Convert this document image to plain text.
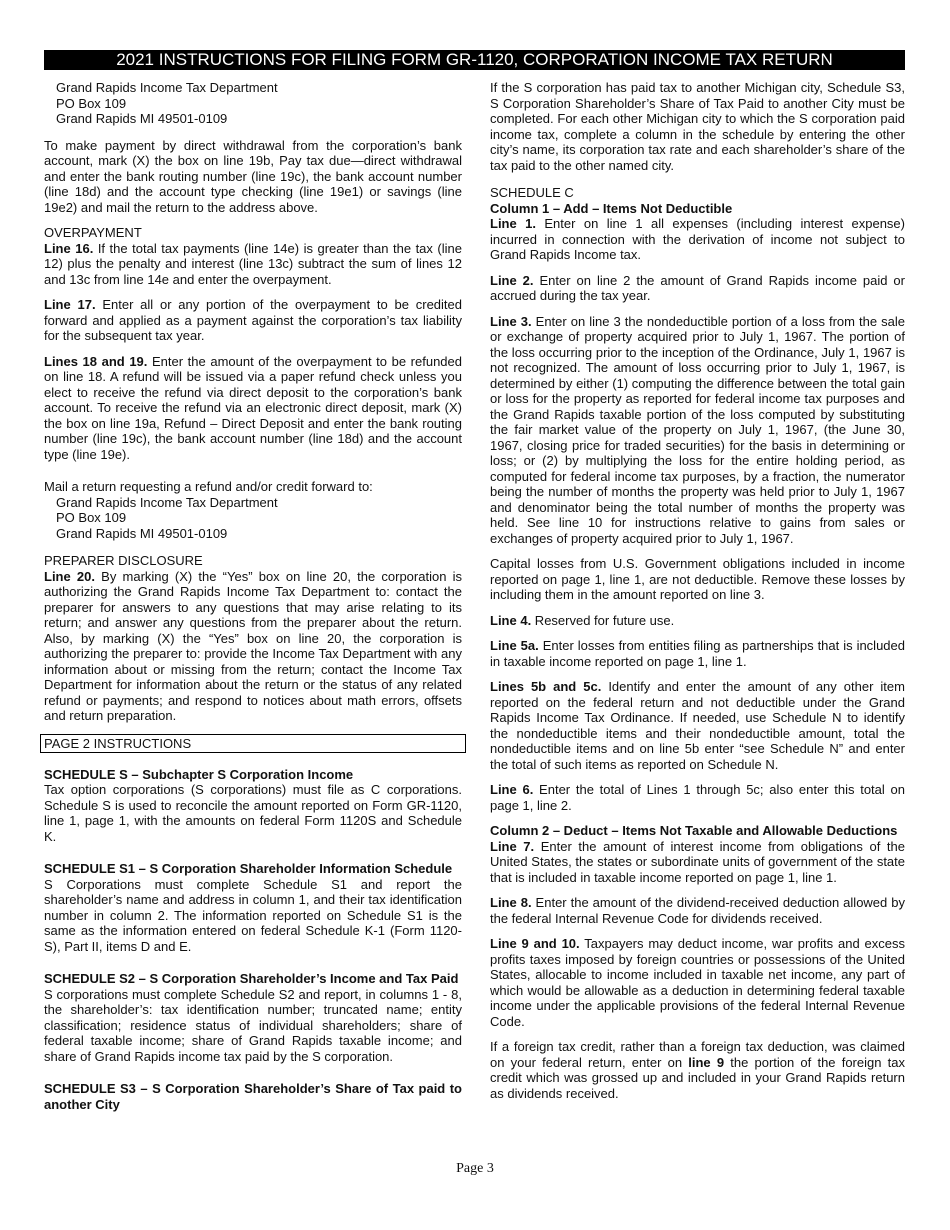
2021 INSTRUCTIONS FOR FILING FORM GR-1120, CORPORATION INCOME TAX RETURN
Grand Rapids Income Tax Department
PO Box 109
Grand Rapids MI 49501-0109

To make payment by direct withdrawal from the corporation’s bank account, mark (X) the box on line 19b, Pay tax due—direct withdrawal and enter the bank routing number (line 19c), the bank account number (line 18d) and the account type checking (line 19e1) or savings (line 19e2) and mail the return to the address above.

OVERPAYMENT

Line 16. If the total tax payments (line 14e) is greater than the tax (line 12) plus the penalty and interest (line 13c) subtract the sum of lines 12 and 13c from line 14e and enter the overpayment.

Line 17. Enter all or any portion of the overpayment to be credited forward and applied as a payment against the corporation’s tax liability for the subsequent tax year.

Lines 18 and 19. Enter the amount of the overpayment to be refunded on line 18. A refund will be issued via a paper refund check unless you elect to receive the refund via direct deposit to the corporation’s bank account. To receive the refund via an electronic direct deposit, mark (X) the box on line 19a, Refund – Direct Deposit and enter the bank routing number (line 19c), the bank account number (line 18d) and the account type (line 19e).

Mail a return requesting a refund and/or credit forward to:
Grand Rapids Income Tax Department
PO Box 109
Grand Rapids MI 49501-0109
PREPARER DISCLOSURE

Line 20. By marking (X) the “Yes” box on line 20, the corporation is authorizing the Grand Rapids Income Tax Department to: contact the preparer for answers to any questions that may arise relating to its return; and answer any questions from the preparer about the return. Also, by marking (X) the “Yes” box on line 20, the corporation is authorizing the preparer to: provide the Income Tax Department with any information about or missing from the return; contact the Income Tax Department for information about the return or the status of any related refund or payments; and respond to notices about math errors, offsets and return preparation.

PAGE 2 INSTRUCTIONS
SCHEDULE S – Subchapter S Corporation Income

Tax option corporations (S corporations) must file as C corporations. Schedule S is used to reconcile the amount reported on Form GR-1120, line 1, page 1, with the amounts on federal Form 1120S and Schedule K.

SCHEDULE S1 – S Corporation Shareholder Information Schedule

S Corporations must complete Schedule S1 and report the shareholder’s name and address in column 1, and their tax identification number in column 2. The information reported on Schedule S1 is the same as the information entered on federal Schedule K-1 (Form 1120-S), Part II, items D and E.

SCHEDULE S2 – S Corporation Shareholder’s Income and Tax Paid

S corporations must complete Schedule S2 and report, in columns 1 - 8, the shareholder’s: tax identification number; truncated name; entity classification; residence status of individual shareholders; share of federal taxable income; share of Grand Rapids taxable income; and share of Grand Rapids income tax paid by the S corporation.

SCHEDULE S3 – S Corporation Shareholder’s Share of Tax paid to another City

If the S corporation has paid tax to another Michigan city, Schedule S3, S Corporation Shareholder’s Share of Tax Paid to another City must be completed. For each other Michigan city to which the S corporation paid income tax, complete a column in the schedule by entering the other city’s name, its corporation tax rate and each shareholder’s share of the tax paid to the other named city.

SCHEDULE C
Column 1 – Add – Items Not Deductible

Line 1. Enter on line 1 all expenses (including interest expense) incurred in connection with the derivation of income not subject to Grand Rapids Income tax.

Line 2. Enter on line 2 the amount of Grand Rapids income paid or accrued during the tax year.

Line 3. Enter on line 3 the nondeductible portion of a loss from the sale or exchange of property acquired prior to July 1, 1967. The portion of the loss occurring prior to the inception of the Ordinance, July 1, 1967 is not recognized. The amount of loss occurring prior to July 1, 1967, is determined by either (1) computing the difference between the total gain or loss for the property as reported for federal income tax purposes and the Grand Rapids taxable portion of the loss computed by substituting the fair market value of the property on July 1, 1967, (the June 30, 1967, closing price for traded securities) for the basis in determining or loss; or (2) by multiplying the loss for the entire holding period, as computed for federal income tax purposes, by a fraction, the numerator being the number of months the property was held prior to July 1, 1967 and denominator being the total number of months the property was held. See line 10 for instructions relative to gains from sales or exchanges of property acquired prior to July 1, 1967.

Capital losses from U.S. Government obligations included in income reported on page 1, line 1, are not deductible. Remove these losses by including them in the amount reported on line 3.

Line 4. Reserved for future use.

Line 5a. Enter losses from entities filing as partnerships that is included in taxable income reported on page 1, line 1.

Lines 5b and 5c. Identify and enter the amount of any other item reported on the federal return and not deductible under the Grand Rapids Income Tax Ordinance. If needed, use Schedule N to identify the nondeductible items and their nondeductible amount, total the nondeductible items and on line 5b enter “see Schedule N” and enter the total of such items as reported on Schedule N.

Line 6. Enter the total of Lines 1 through 5c; also enter this total on page 1, line 2.

Column 2 – Deduct – Items Not Taxable and Allowable Deductions

Line 7. Enter the amount of interest income from obligations of the United States, the states or subordinate units of government of the state that is included in taxable income reported on page 1, line 1.

Line 8. Enter the amount of the dividend-received deduction allowed by the federal Internal Revenue Code for dividends received.

Line 9 and 10. Taxpayers may deduct income, war profits and excess profits taxes imposed by foreign countries or possessions of the United States, allocable to income included in taxable net income, any part of which would be allowable as a deduction in determining federal taxable income under the applicable provisions of the federal Internal Revenue Code.

If a foreign tax credit, rather than a foreign tax deduction, was claimed on your federal return, enter on line 9 the portion of the foreign tax credit which was grossed up and included in your Grand Rapids return as dividends received.

Page 3
